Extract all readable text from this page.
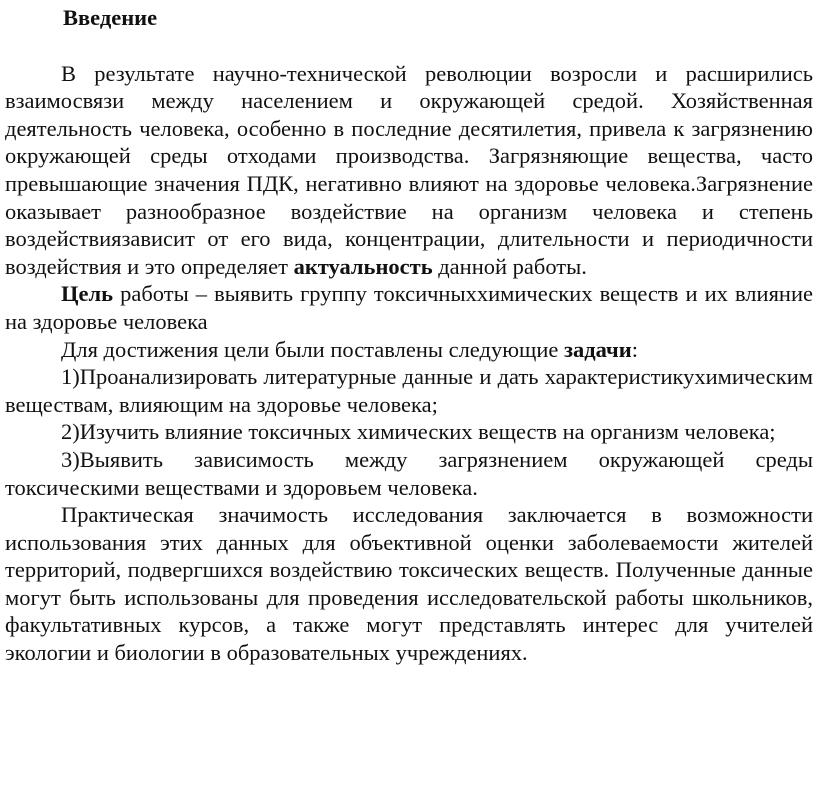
Введение

В результате научно-технической революции возросли и расширились взаимосвязи между населением и окружающей средой. Хозяйственная деятельность человека, особенно в последние десятилетия, привела к загрязнению окружающей среды отходами производства. Загрязняющие вещества, часто превышающие значения ПДК, негативно влияют на здоровье человека.Загрязнение оказывает разнообразное воздействие на организм человека и степень воздействиязависит от его вида, концентрации, длительности и периодичности воздействия и это определяет актуальность данной работы.

Цель работы – выявить группу токсичныххимических веществ и их влияние на здоровье человека

Для достижения цели были поставлены следующие задачи:

1)Проанализировать литературные данные и дать характеристикухимическим веществам, влияющим на здоровье человека;

2)Изучить влияние токсичных химических веществ на организм человека;

3)Выявить зависимость между загрязнением окружающей среды токсическими веществами и здоровьем человека.

Практическая значимость исследования заключается в возможности использования этих данных для объективной оценки заболеваемости жителей территорий, подвергшихся воздействию токсических веществ. Полученные данные могут быть использованы для проведения исследовательской работы школьников, факультативных курсов, а также могут представлять интерес для учителей экологии и биологии в образовательных учреждениях.
